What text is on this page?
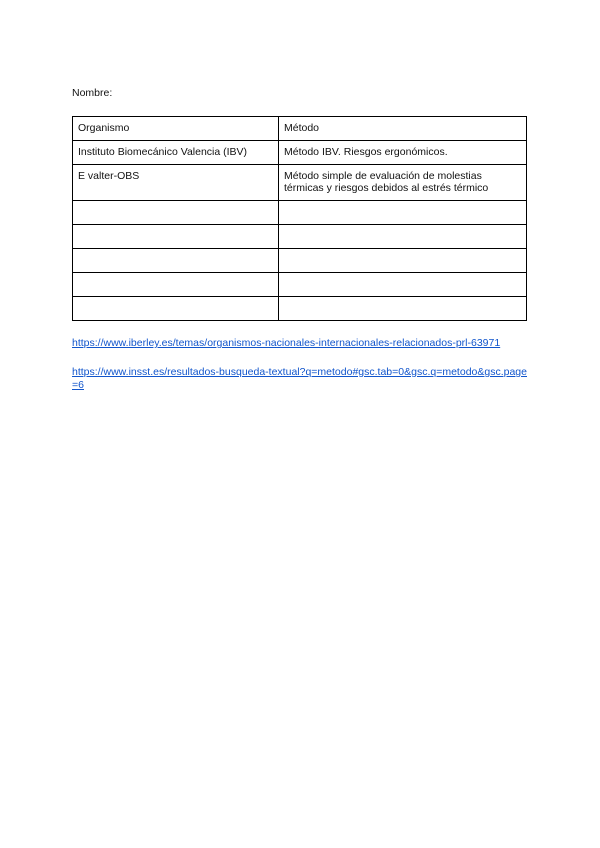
Nombre:
Organismo	Método
Instituto Biomecánico Valencia (IBV)	Método IBV. Riesgos ergonómicos.
E valter-OBS	Método simple de evaluación de molestias térmicas y riesgos debidos al estrés térmico

https://www.iberley.es/temas/organismos-nacionales-internacionales-relacionados-prl-63971
https://www.insst.es/resultados-busqueda-textual?q=metodo#gsc.tab=0&gsc.q=metodo&gsc.page=6
